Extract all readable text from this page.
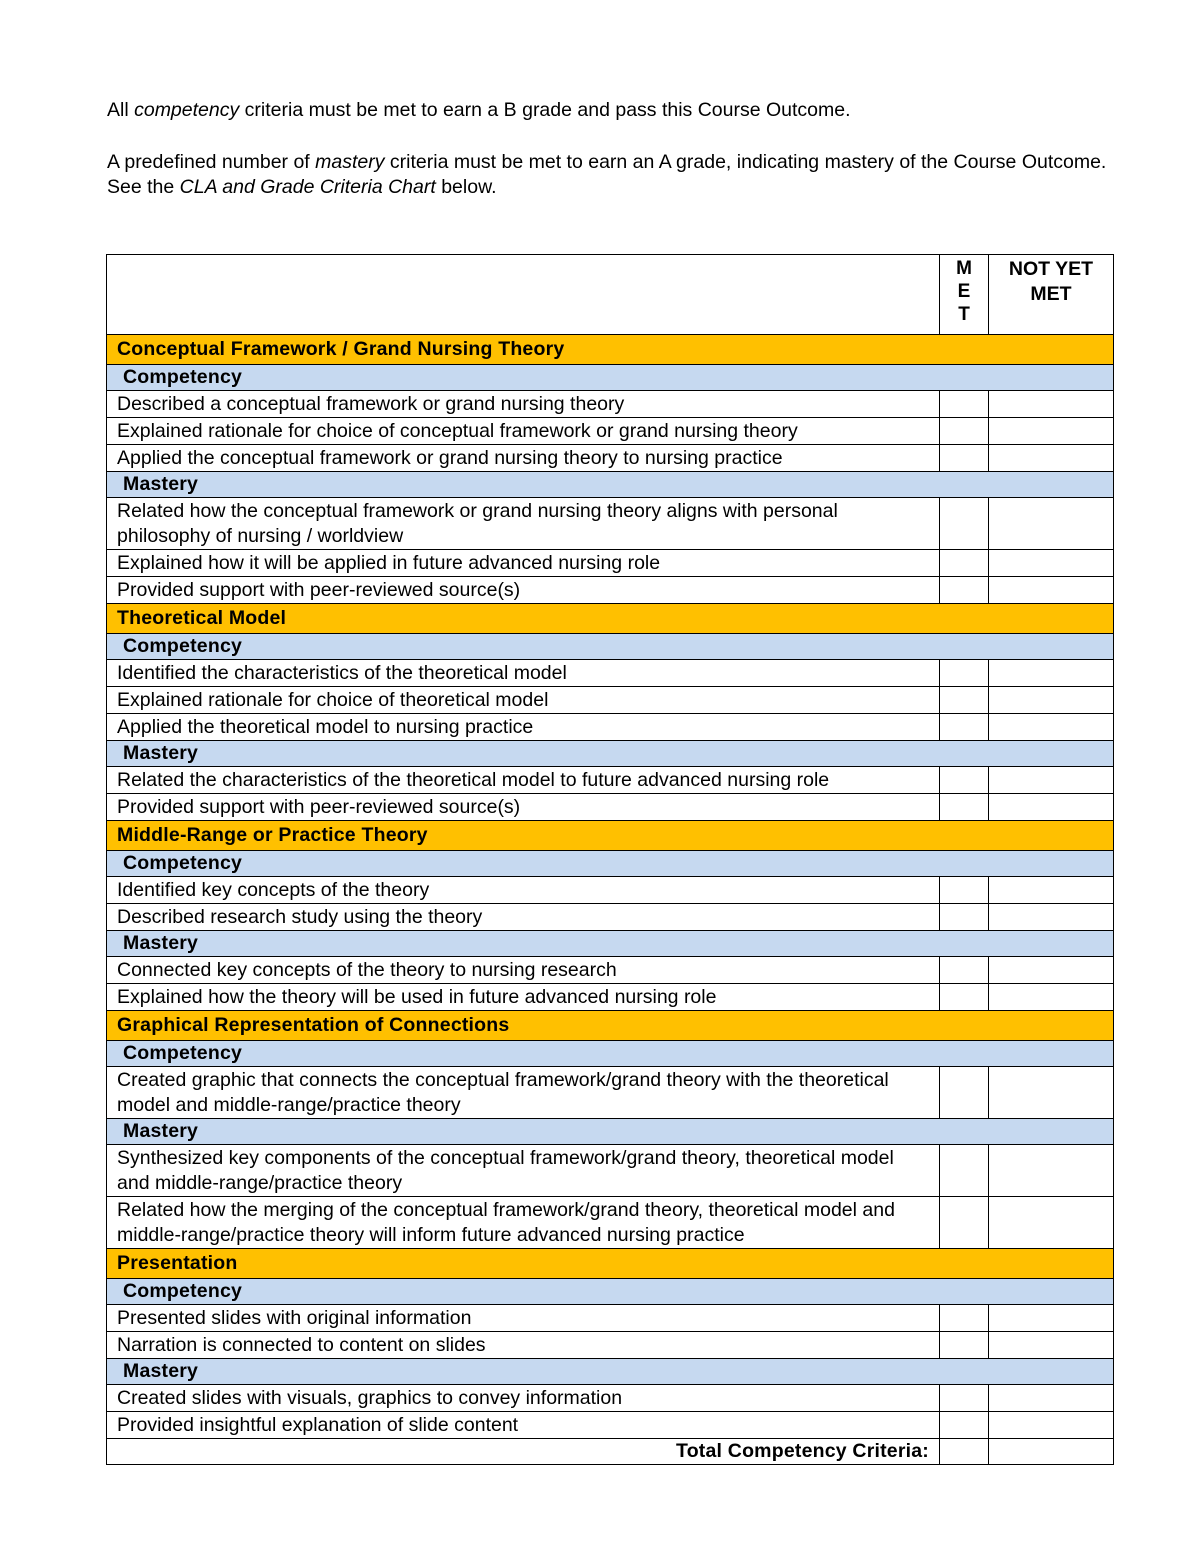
All competency criteria must be met to earn a B grade and pass this Course Outcome.

A predefined number of mastery criteria must be met to earn an A grade, indicating mastery of the Course Outcome. See the CLA and Grade Criteria Chart below.

	M
E
T	NOT YET MET
Conceptual Framework / Grand Nursing Theory		
Competency		
Described a conceptual framework or grand nursing theory		
Explained rationale for choice of conceptual framework or grand nursing theory		
Applied the conceptual framework or grand nursing theory to nursing practice		
Mastery		
Related how the conceptual framework or grand nursing theory aligns with personal philosophy of nursing / worldview		
Explained how it will be applied in future advanced nursing role		
Provided support with peer-reviewed source(s)		
Theoretical Model		
Competency		
Identified the characteristics of the theoretical model		
Explained rationale for choice of theoretical model		
Applied the theoretical model to nursing practice		
Mastery		
Related the characteristics of the theoretical model to future advanced nursing role		
Provided support with peer-reviewed source(s)		
Middle-Range or Practice Theory		
Competency		
Identified key concepts of the theory		
Described research study using the theory		
Mastery		
Connected key concepts of the theory to nursing research		
Explained how the theory will be used in future advanced nursing role		
Graphical Representation of Connections		
Competency		
Created graphic that connects the conceptual framework/grand theory with the theoretical model and middle-range/practice theory		
Mastery		
Synthesized key components of the conceptual framework/grand theory, theoretical model and middle-range/practice theory		
Related how the merging of the conceptual framework/grand theory, theoretical model and middle-range/practice theory will inform future advanced nursing practice		
Presentation		
Competency		
Presented slides with original information		
Narration is connected to content on slides		
Mastery		
Created slides with visuals, graphics to convey information		
Provided insightful explanation of slide content		
Total Competency Criteria:		
